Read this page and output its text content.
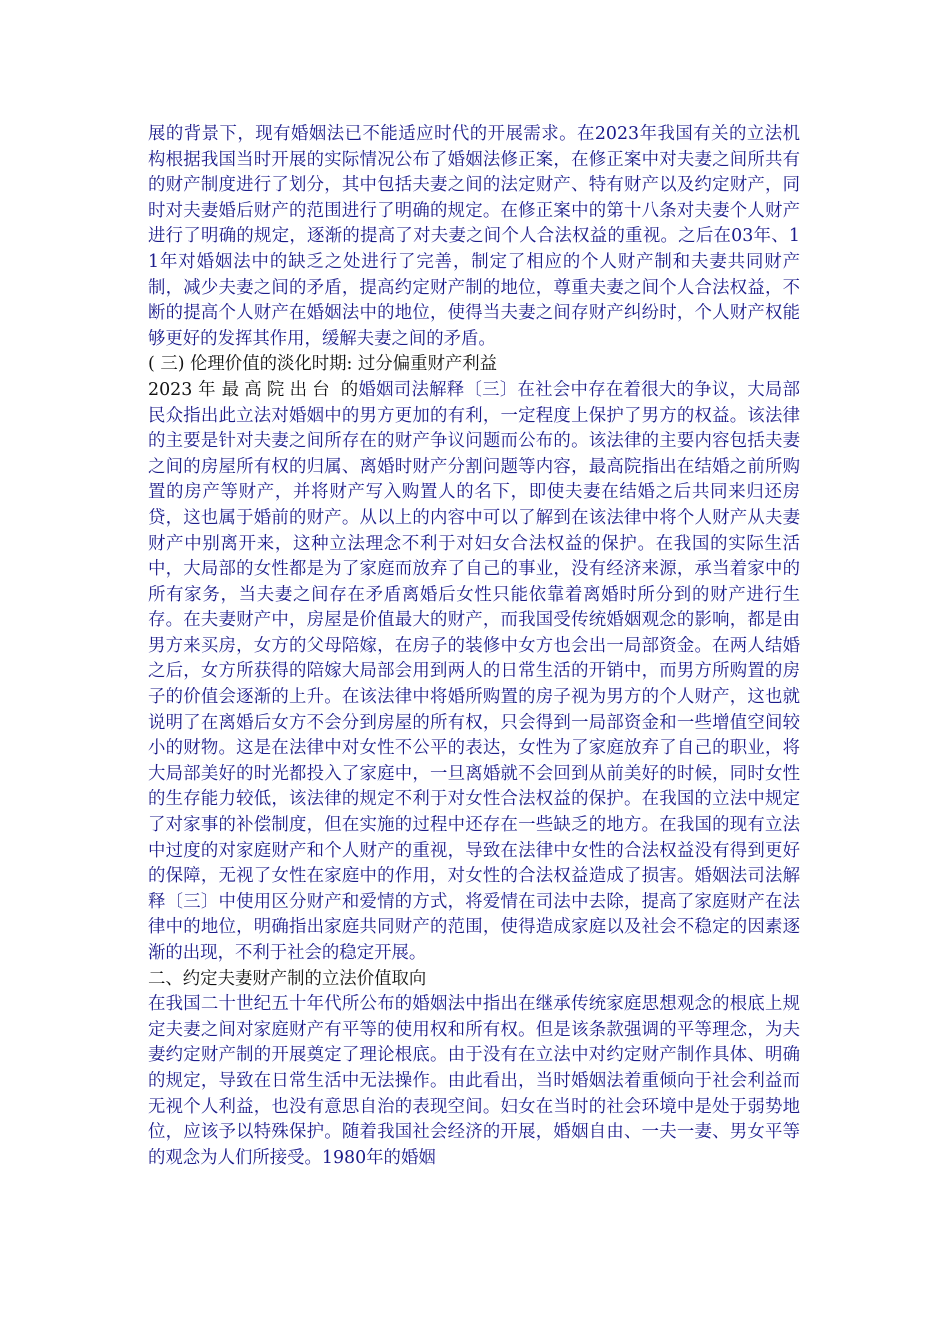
展的背景下，现有婚姻法已不能适应时代的开展需求。在2023年我国有关的立法机构根据我国当时开展的实际情况公布了婚姻法修正案，在修正案中对夫妻之间所共有的财产制度进行了划分，其中包括夫妻之间的法定财产、特有财产以及约定财产，同时对夫妻婚后财产的范围进行了明确的规定。在修正案中的第十八条对夫妻个人财产进行了明确的规定，逐渐的提高了对夫妻之间个人合法权益的重视。之后在03年、11年对婚姻法中的缺乏之处进行了完善，制定了相应的个人财产制和夫妻共同财产制，减少夫妻之间的矛盾，提高约定财产制的地位，尊重夫妻之间个人合法权益，不断的提高个人财产在婚姻法中的地位，使得当夫妻之间存财产纠纷时，个人财产权能够更好的发挥其作用，缓解夫妻之间的矛盾。

( 三) 伦理价值的淡化时期: 过分偏重财产利益

2023 年 最高院出台 的婚姻司法解释〔三〕在社会中存在着很大的争议，大局部民众指出此立法对婚姻中的男方更加的有利，一定程度上保护了男方的权益。该法律的主要是针对夫妻之间所存在的财产争议问题而公布的。该法律的主要内容包括夫妻之间的房屋所有权的归属、离婚时财产分割问题等内容，最高院指出在结婚之前所购置的房产等财产，并将财产写入购置人的名下，即使夫妻在结婚之后共同来归还房贷，这也属于婚前的财产。从以上的内容中可以了解到在该法律中将个人财产从夫妻财产中别离开来，这种立法理念不利于对妇女合法权益的保护。在我国的实际生活中，大局部的女性都是为了家庭而放弃了自己的事业，没有经济来源，承当着家中的所有家务，当夫妻之间存在矛盾离婚后女性只能依靠着离婚时所分到的财产进行生存。在夫妻财产中，房屋是价值最大的财产，而我国受传统婚姻观念的影响，都是由男方来买房，女方的父母陪嫁，在房子的装修中女方也会出一局部资金。在两人结婚之后，女方所获得的陪嫁大局部会用到两人的日常生活的开销中，而男方所购置的房子的价值会逐渐的上升。在该法律中将婚所购置的房子视为男方的个人财产，这也就说明了在离婚后女方不会分到房屋的所有权，只会得到一局部资金和一些增值空间较小的财物。这是在法律中对女性不公平的表达，女性为了家庭放弃了自己的职业，将大局部美好的时光都投入了家庭中，一旦离婚就不会回到从前美好的时候，同时女性的生存能力较低，该法律的规定不利于对女性合法权益的保护。在我国的立法中规定了对家事的补偿制度，但在实施的过程中还存在一些缺乏的地方。在我国的现有立法中过度的对家庭财产和个人财产的重视，导致在法律中女性的合法权益没有得到更好的保障，无视了女性在家庭中的作用，对女性的合法权益造成了损害。婚姻法司法解释〔三〕中使用区分财产和爱情的方式，将爱情在司法中去除，提高了家庭财产在法律中的地位，明确指出家庭共同财产的范围，使得造成家庭以及社会不稳定的因素逐渐的出现，不利于社会的稳定开展。

二、约定夫妻财产制的立法价值取向

在我国二十世纪五十年代所公布的婚姻法中指出在继承传统家庭思想观念的根底上规定夫妻之间对家庭财产有平等的使用权和所有权。但是该条款强调的平等理念，为夫妻约定财产制的开展奠定了理论根底。由于没有在立法中对约定财产制作具体、明确的规定，导致在日常生活中无法操作。由此看出，当时婚姻法着重倾向于社会利益而无视个人利益，也没有意思自治的表现空间。妇女在当时的社会环境中是处于弱势地位，应该予以特殊保护。随着我国社会经济的开展，婚姻自由、一夫一妻、男女平等的观念为人们所接受。1980年的婚姻
